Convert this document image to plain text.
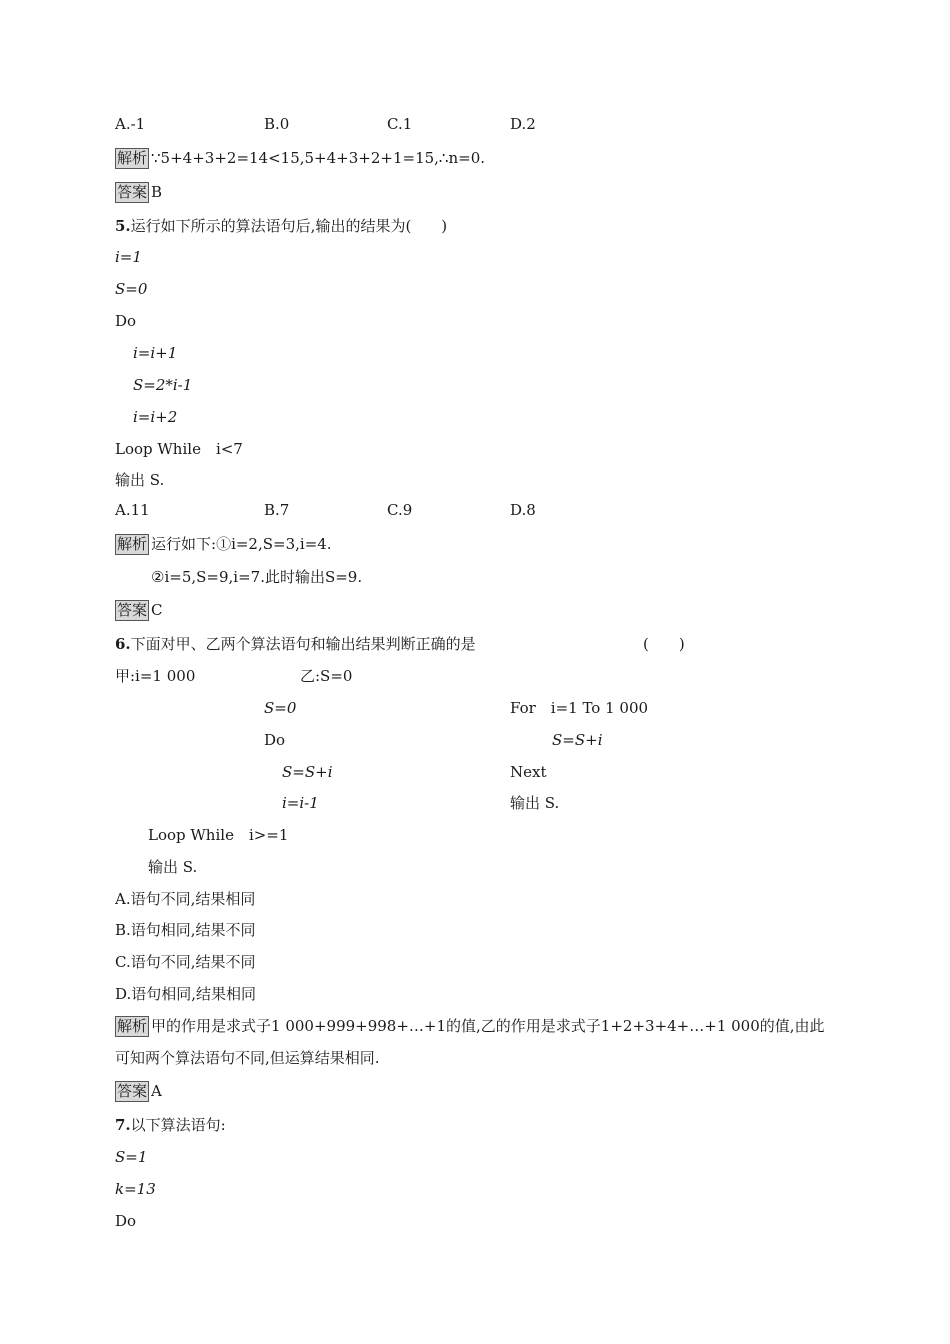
A.-1	B.0	C.1	D.2
解析 ∵5+4+3+2=14<15,5+4+3+2+1=15,∴n=0.
答案 B
5.运行如下所示的算法语句后,输出的结果为(　　)
i=1
S=0
Do
i=i+1
S=2*i-1
i=i+2
Loop While　i<7
输出 S.
A.11	B.7	C.9	D.8
解析 运行如下:①i=2,S=3,i=4.
②i=5,S=9,i=7.此时输出S=9.
答案 C
6.下面对甲、乙两个算法语句和输出结果判断正确的是	(　　)
甲:i=1 000	乙:S=0
S=0
Do
S=S+i
i=i-1
Loop While　i>=1
输出 S.
For　i=1 To 1 000
S=S+i
Next
输出 S.
A.语句不同,结果相同
B.语句相同,结果不同
C.语句不同,结果不同
D.语句相同,结果相同
解析 甲的作用是求式子1 000+999+998+…+1的值,乙的作用是求式子1+2+3+4+…+1 000的值,由此
可知两个算法语句不同,但运算结果相同.
答案 A
7.以下算法语句:
S=1
k=13
Do
